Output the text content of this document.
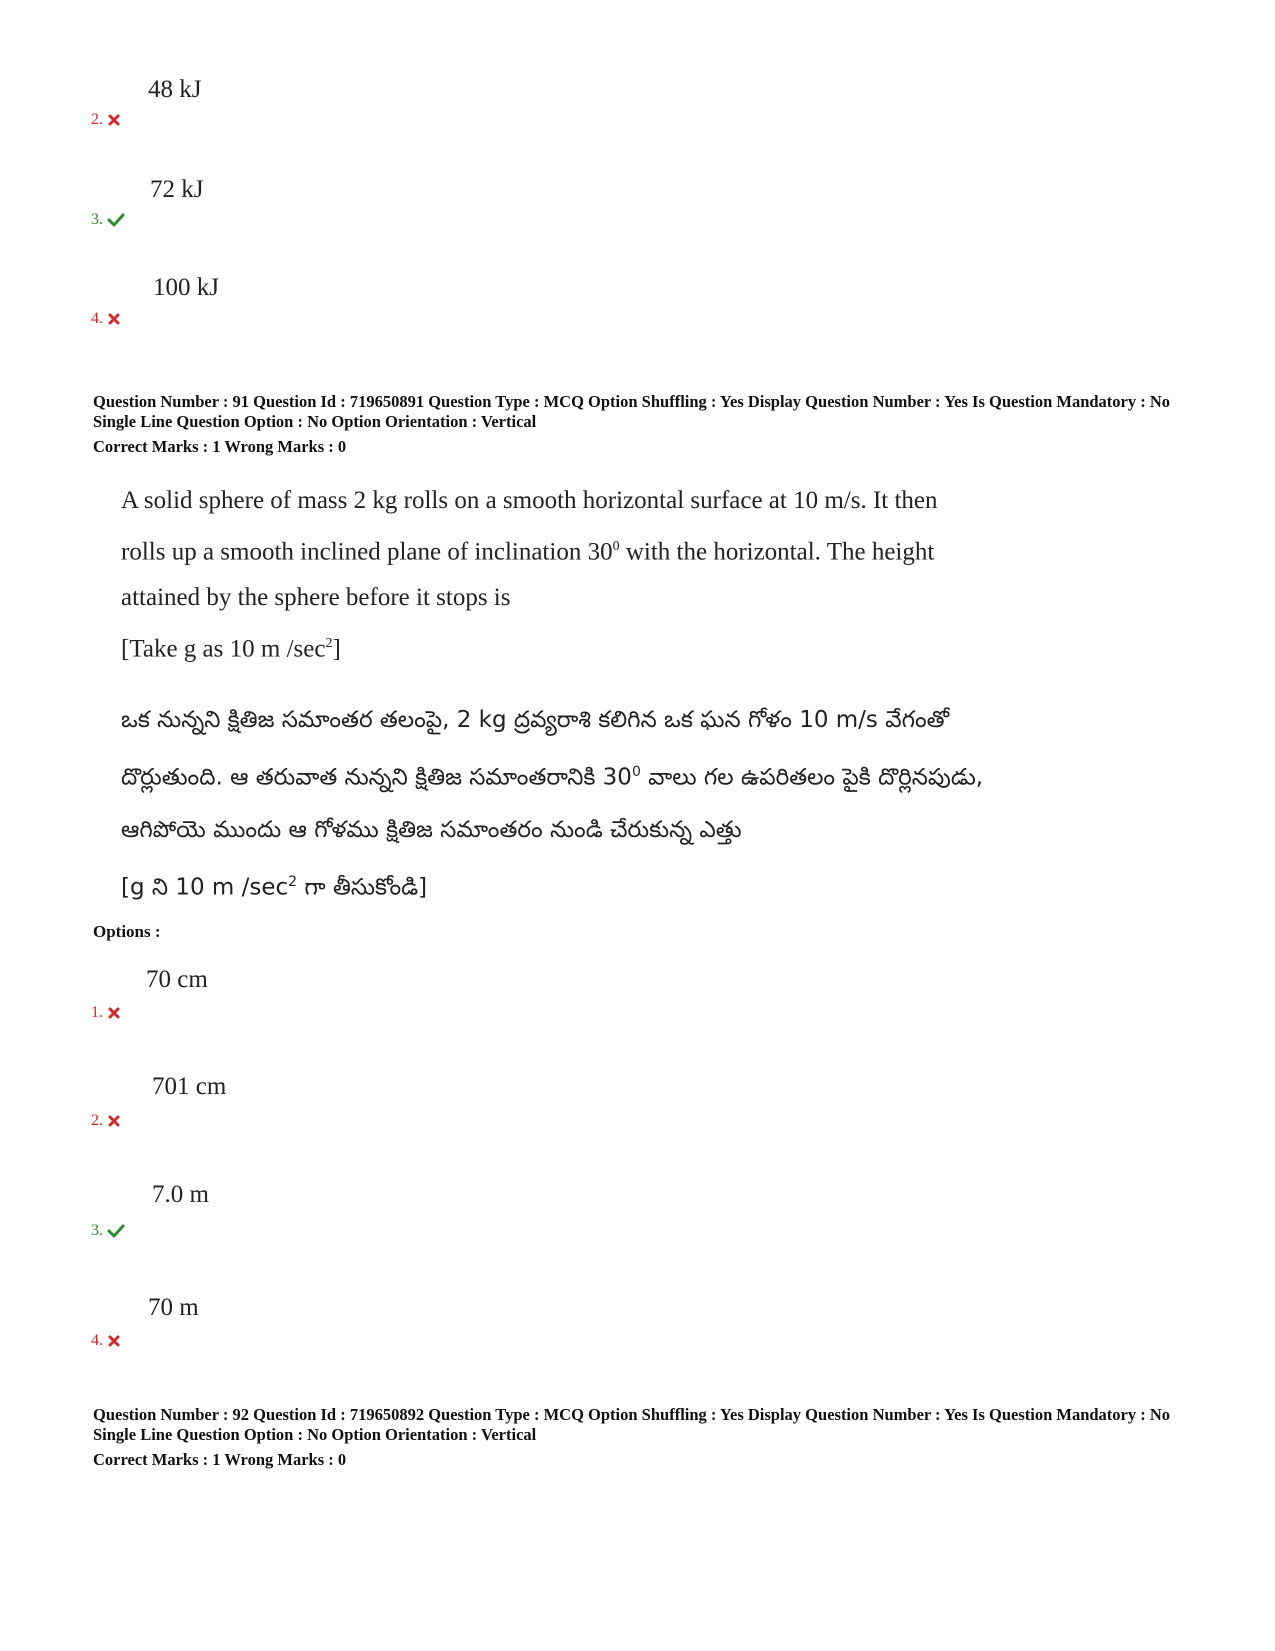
48 kJ
2.
72 kJ
3.
100 kJ
4.
Question Number : 91 Question Id : 719650891 Question Type : MCQ Option Shuffling : Yes Display Question Number : Yes Is Question Mandatory : No Single Line Question Option : No Option Orientation : Vertical
Correct Marks : 1 Wrong Marks : 0

A solid sphere of mass 2 kg rolls on a smooth horizontal surface at 10 m/s. It then

rolls up a smooth inclined plane of inclination $30^0$ with the horizontal. The height

attained by the sphere before it stops is

[Take g as 10 m $/\sec^2$]

ఒక నున్నని క్షితిజ సమాంతర తలంపై, 2 kg ద్రవ్యరాశి కలిగిన ఒక ఘన గోళం 10 m/s వేగంతో

దొర్లుతుంది. ఆ తరువాత నున్నని క్షితిజ సమాంతరానికి $30^0$ వాలు గల ఉపరితలం పైకి దొర్లినపుడు,

ఆగిపోయె ముందు ఆ గోళము క్షితిజ సమాంతరం నుండి చేరుకున్న ఎత్తు

[g ని 10 m $/\sec^2$ గా తీసుకోండి]

Options :
70 cm
1.
701 cm
2.
7.0 m
3.
70 m
4.
Question Number : 92 Question Id : 719650892 Question Type : MCQ Option Shuffling : Yes Display Question Number : Yes Is Question Mandatory : No Single Line Question Option : No Option Orientation : Vertical
Correct Marks : 1 Wrong Marks : 0
